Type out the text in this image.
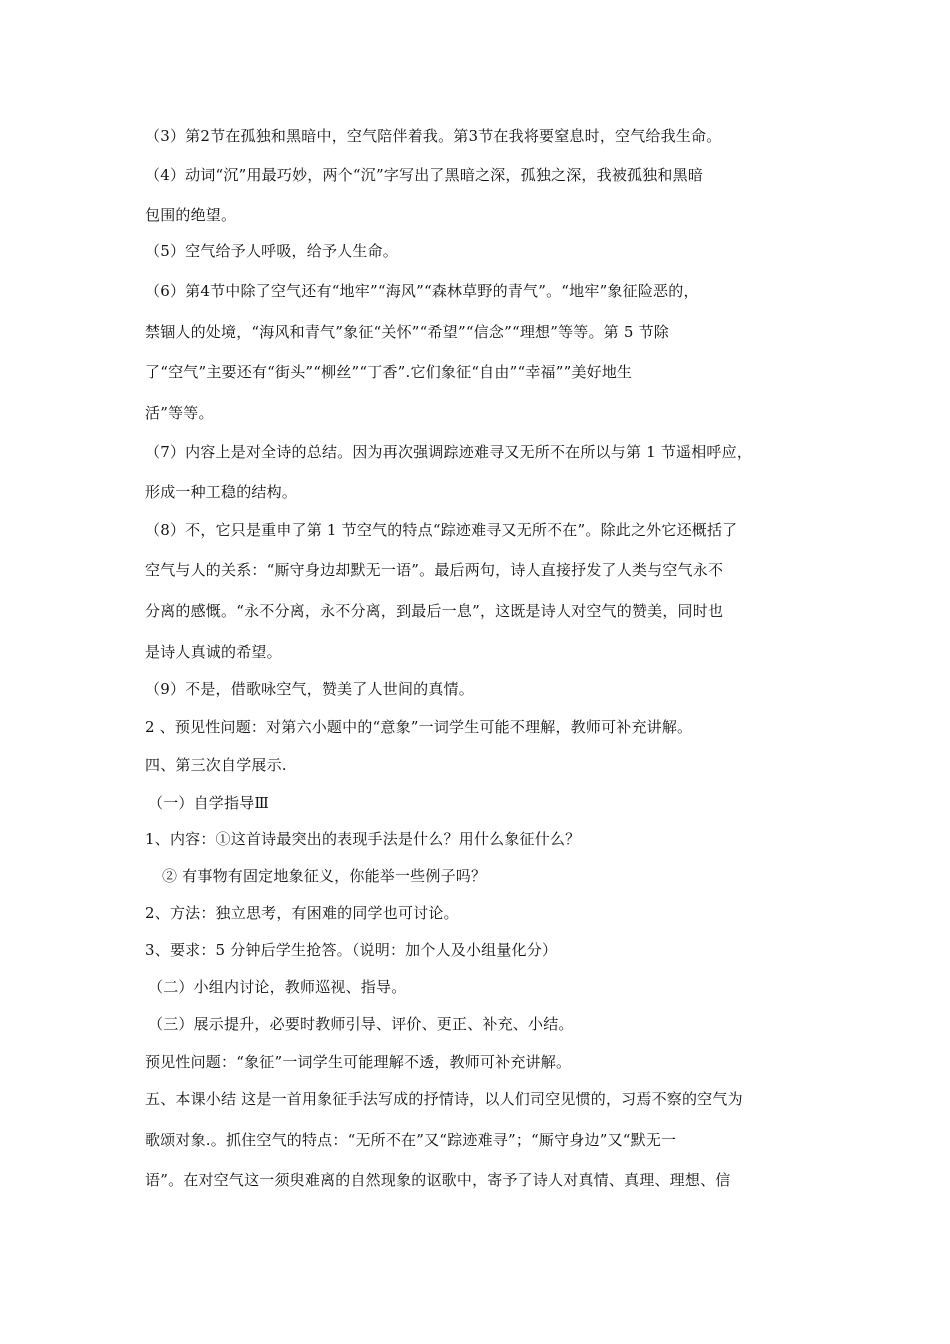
（3）第2节在孤独和黑暗中，空气陪伴着我。第3节在我将要窒息时，空气给我生命。
（4）动词“沉”用最巧妙，两个“沉”字写出了黑暗之深，孤独之深，我被孤独和黑暗
包围的绝望。
（5）空气给予人呼吸，给予人生命。
（6）第4节中除了空气还有“地牢”“海风”“森林草野的青气”。“地牢”象征险恶的，
禁锢人的处境，“海风和青气”象征“关怀”“希望”“信念”“理想”等等。第 5 节除
了“空气”主要还有“街头”“柳丝”“丁香”.它们象征“自由”“幸福””美好地生
活”等等。
（7）内容上是对全诗的总结。因为再次强调踪迹难寻又无所不在所以与第 1 节遥相呼应，
形成一种工稳的结构。
（8）不，它只是重申了第 1 节空气的特点“踪迹难寻又无所不在”。除此之外它还概括了
空气与人的关系：“厮守身边却默无一语”。最后两句，诗人直接抒发了人类与空气永不
分离的感慨。“永不分离，永不分离，到最后一息”，这既是诗人对空气的赞美，同时也
是诗人真诚的希望。
（9）不是，借歌咏空气，赞美了人世间的真情。
2 、预见性问题：对第六小题中的“意象”一词学生可能不理解，教师可补充讲解。
四、第三次自学展示.
（一）自学指导Ⅲ
1、内容：①这首诗最突出的表现手法是什么？用什么象征什么？
② 有事物有固定地象征义，你能举一些例子吗？
2、方法：独立思考，有困难的同学也可讨论。
3、要求：5 分钟后学生抢答。（说明：加个人及小组量化分）
（二）小组内讨论，教师巡视、指导。
（三）展示提升，必要时教师引导、评价、更正、补充、小结。
预见性问题：“象征”一词学生可能理解不透，教师可补充讲解。
五、本课小结 这是一首用象征手法写成的抒情诗，以人们司空见惯的，习焉不察的空气为
歌颂对象.。抓住空气的特点：“无所不在”又“踪迹难寻”；“厮守身边”又“默无一
语”。在对空气这一须臾难离的自然现象的讴歌中，寄予了诗人对真情、真理、理想、信
